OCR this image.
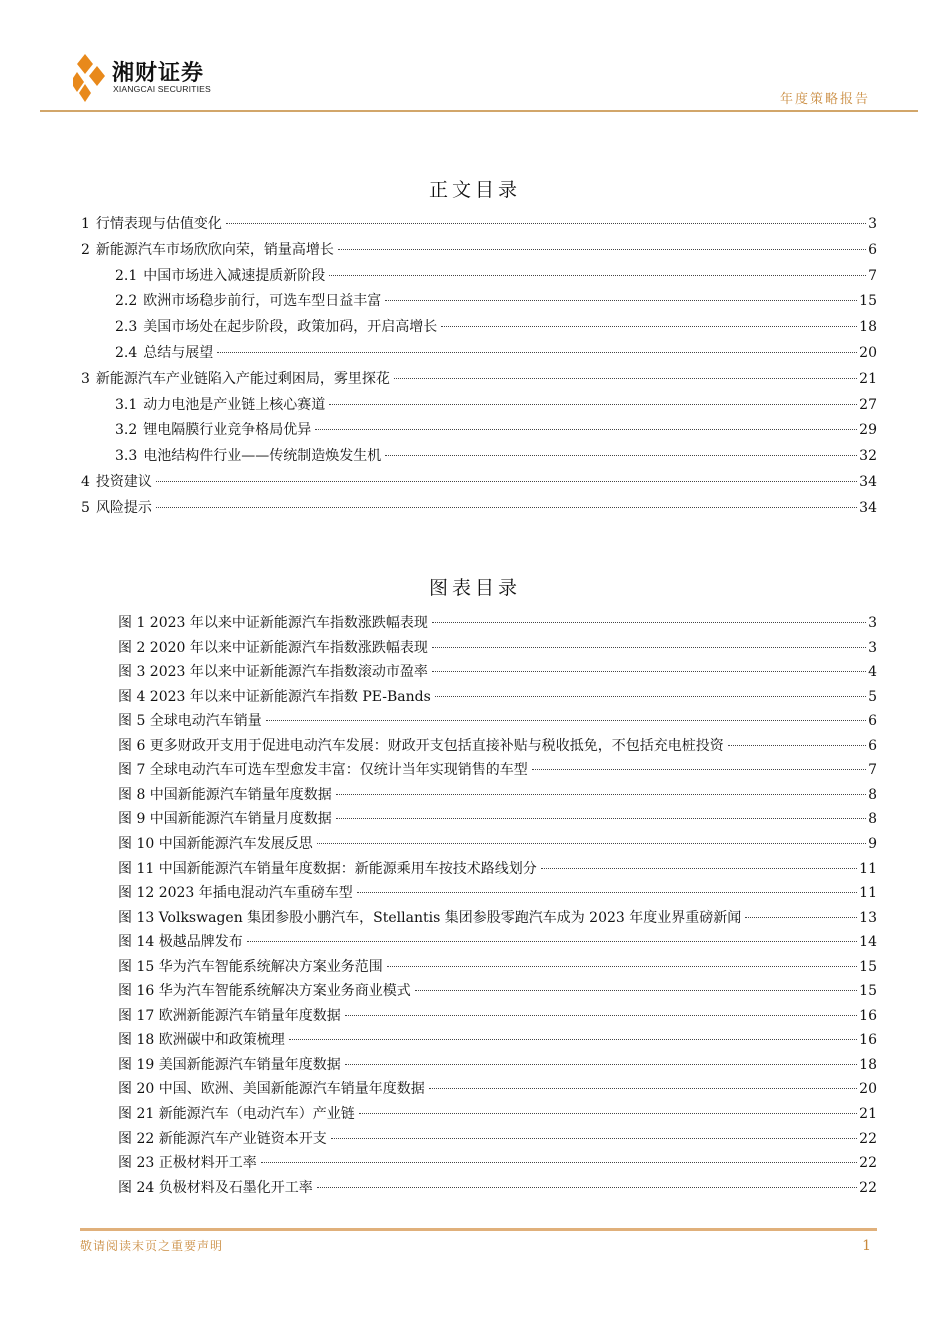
湘财证券
XIANGCAI SECURITIES
年度策略报告
正文目录
1 行情表现与估值变化	3
2 新能源汽车市场欣欣向荣，销量高增长	6
2.1 中国市场进入减速提质新阶段	7
2.2 欧洲市场稳步前行，可选车型日益丰富	15
2.3 美国市场处在起步阶段，政策加码，开启高增长	18
2.4 总结与展望	20
3 新能源汽车产业链陷入产能过剩困局，雾里探花	21
3.1 动力电池是产业链上核心赛道	27
3.2 锂电隔膜行业竞争格局优异	29
3.3 电池结构件行业——传统制造焕发生机	32
4 投资建议	34
5 风险提示	34
图表目录
图 1 2023 年以来中证新能源汽车指数涨跌幅表现	3
图 2 2020 年以来中证新能源汽车指数涨跌幅表现	3
图 3 2023 年以来中证新能源汽车指数滚动市盈率	4
图 4 2023 年以来中证新能源汽车指数 PE-Bands	5
图 5 全球电动汽车销量	6
图 6 更多财政开支用于促进电动汽车发展：财政开支包括直接补贴与税收抵免，不包括充电桩投资	6
图 7 全球电动汽车可选车型愈发丰富：仅统计当年实现销售的车型	7
图 8 中国新能源汽车销量年度数据	8
图 9 中国新能源汽车销量月度数据	8
图 10 中国新能源汽车发展反思	9
图 11 中国新能源汽车销量年度数据：新能源乘用车按技术路线划分	11
图 12 2023 年插电混动汽车重磅车型	11
图 13 Volkswagen 集团参股小鹏汽车，Stellantis 集团参股零跑汽车成为 2023 年度业界重磅新闻	13
图 14 极越品牌发布	14
图 15 华为汽车智能系统解决方案业务范围	15
图 16 华为汽车智能系统解决方案业务商业模式	15
图 17 欧洲新能源汽车销量年度数据	16
图 18 欧洲碳中和政策梳理	16
图 19 美国新能源汽车销量年度数据	18
图 20 中国、欧洲、美国新能源汽车销量年度数据	20
图 21 新能源汽车（电动汽车）产业链	21
图 22 新能源汽车产业链资本开支	22
图 23 正极材料开工率	22
图 24 负极材料及石墨化开工率	22
敬请阅读末页之重要声明	1
